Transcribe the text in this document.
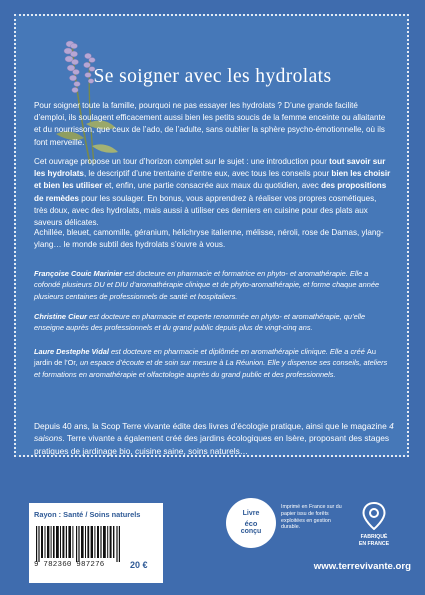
Se soigner avec les hydrolats

Pour soigner toute la famille, pourquoi ne pas essayer les hydrolats ? D’une grande facilité d’emploi, ils soulagent efficacement aussi bien les petits soucis de la femme enceinte ou allaitante et du nourrisson, que ceux de l’ado, de l’adulte, sans oublier la sphère psycho-émotionnelle, où ils font merveille.

Cet ouvrage propose un tour d’horizon complet sur le sujet : une introduction pour tout savoir sur les hydrolats, le descriptif d’une trentaine d’entre eux, avec tous les conseils pour bien les choisir et bien les utiliser et, enfin, une partie consacrée aux maux du quotidien, avec des propositions de remèdes pour les soulager. En bonus, vous apprendrez à réaliser vos propres cosmétiques, très doux, avec des hydrolats, mais aussi à utiliser ces derniers en cuisine pour des plats aux saveurs délicates.

Achillée, bleuet, camomille, géranium, hélichryse italienne, mélisse, néroli, rose de Damas, ylang-ylang… le monde subtil des hydrolats s’ouvre à vous.

Françoise Couic Marinier est docteure en pharmacie et formatrice en phyto- et aromathérapie. Elle a cofondé plusieurs DU et DIU d’aromathérapie clinique et de phyto-aromathérapie, et forme chaque année plusieurs centaines de professionnels de santé et hospitaliers.
Christine Cieur est docteure en pharmacie et experte renommée en phyto- et aromathérapie, qu’elle enseigne auprès des professionnels et du grand public depuis plus de vingt-cinq ans.
Laure Destephe Vidal est docteure en pharmacie et diplômée en aromathérapie clinique. Elle a créé Au jardin de l’Or, un espace d’écoute et de soin sur mesure à La Réunion. Elle y dispense ses conseils, ateliers et formations en aromathérapie et olfactologie auprès du grand public et des professionnels.
Depuis 40 ans, la Scop Terre vivante édite des livres d’écologie pratique, ainsi que le magazine 4 saisons. Terre vivante a également créé des jardins écologiques en Isère, proposant des stages pratiques de jardinage bio, cuisine saine, soins naturels…
Rayon : Santé / Soins naturels
9 782360 987276	20 €
Livre
éco
conçu
Imprimé en France sur du papier issu de forêts exploitées en gestion durable.
FABRIQUÉ
EN FRANCE
www.terrevivante.org
